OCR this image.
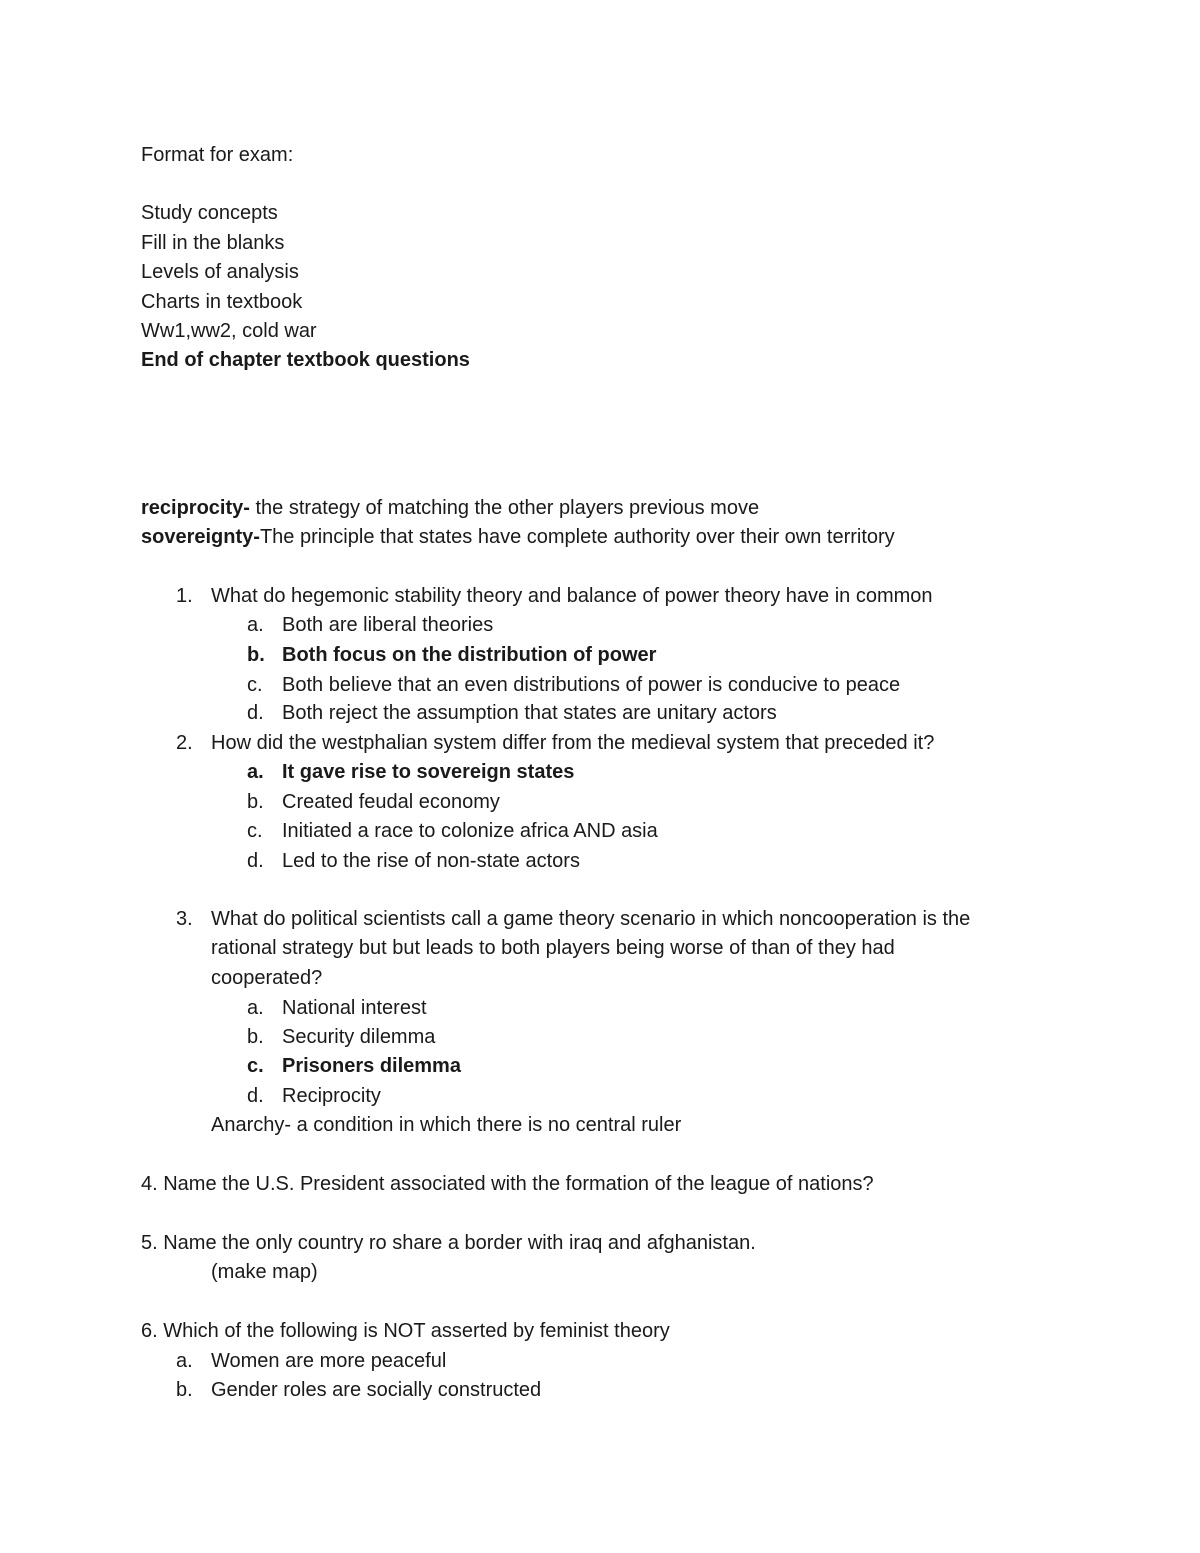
Format for exam:
Study concepts
Fill in the blanks
Levels of analysis
Charts in textbook
Ww1,ww2, cold war
End of chapter textbook questions
reciprocity- the strategy of matching the other players previous move
sovereignty-The principle that states have complete authority over their own territory
1. What do hegemonic stability theory and balance of power theory have in common
a. Both are liberal theories
b. Both focus on the distribution of power
c. Both believe that an even distributions of power is conducive to peace
d. Both reject the assumption that states are unitary actors
2. How did the westphalian system differ from the medieval system that preceded it?
a. It gave rise to sovereign states
b. Created feudal economy
c. Initiated a race to colonize africa AND asia
d. Led to the rise of non-state actors
3. What do political scientists call a game theory scenario in which noncooperation is the
rational strategy but but leads to both players being worse of than of they had
cooperated?
a. National interest
b. Security dilemma
c. Prisoners dilemma
d. Reciprocity
Anarchy- a condition in which there is no central ruler
4. Name the U.S. President associated with the formation of the league of nations?
5. Name the only country ro share a border with iraq and afghanistan.
(make map)
6. Which of the following is NOT asserted by feminist theory
a. Women are more peaceful
b. Gender roles are socially constructed
